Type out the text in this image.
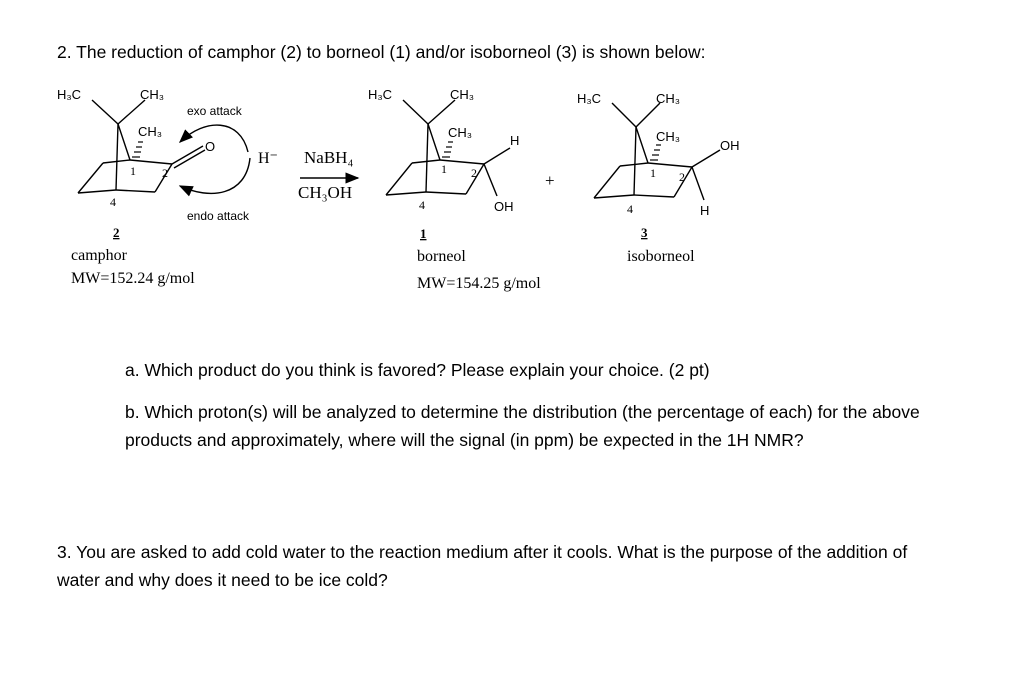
2. The reduction of camphor (2) to borneol (1) and/or isoborneol (3) is shown below:
H₃C	CH₃
CH₃
O
1 2
4
exo attack
endo attack
H⁻
2
camphor
MW=152.24 g/mol
NaBH₄
CH₃OH
H₃C	CH₃
CH₃
H
OH
1 2
4
1
borneol
MW=154.25 g/mol
+
H₃C	CH₃
CH₃
OH
H
1 2
4
3
isoborneol
a. Which product do you think is favored? Please explain your choice. (2 pt)
b. Which proton(s) will be analyzed to determine the distribution (the percentage of each) for the above products and approximately, where will the signal (in ppm) be expected in the 1H NMR?
3. You are asked to add cold water to the reaction medium after it cools. What is the purpose of the addition of water and why does it need to be ice cold?
